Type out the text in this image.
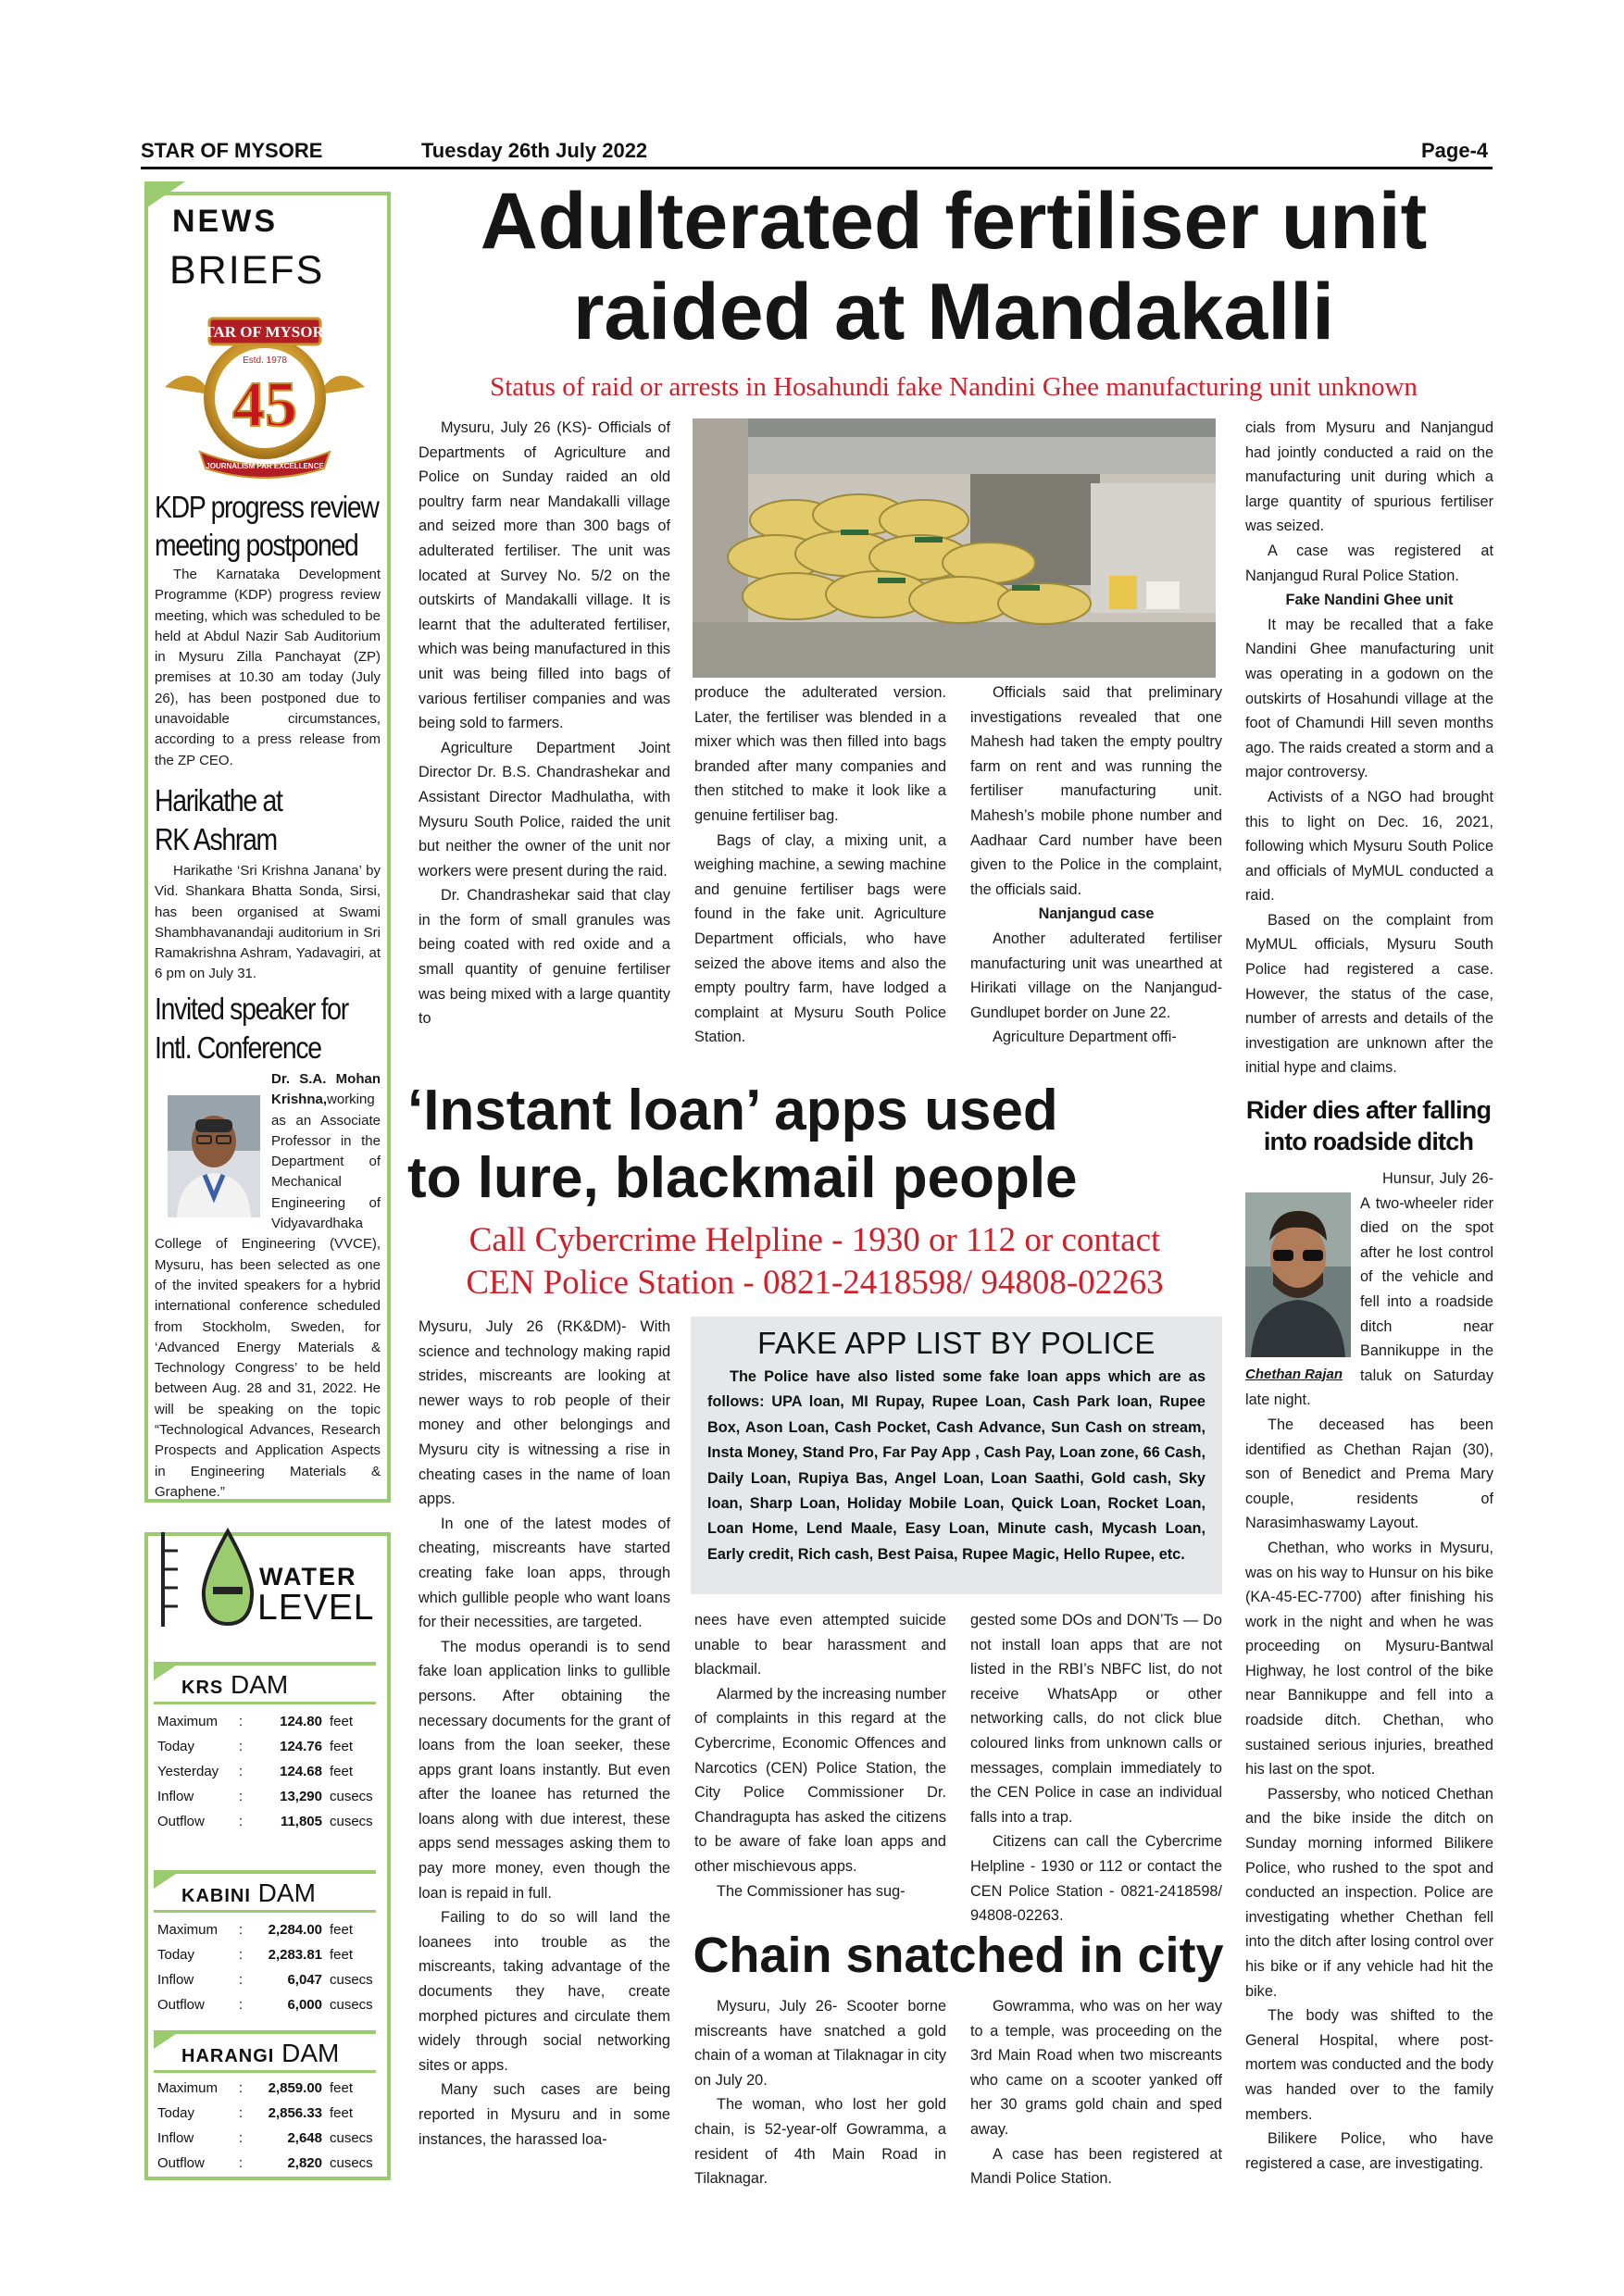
STAR OF MYSORE	Tuesday 26th July 2022	Page-4
NEWS
BRIEFS
STAR OF MYSORE
Estd. 1978
45
JOURNALISM PAR EXCELLENCE
KDP progress review
meeting postponed
The Karnataka Development Programme (KDP) progress review meeting, which was scheduled to be held at Abdul Nazir Sab Auditorium in Mysuru Zilla Panchayat (ZP) premises at 10.30 am today (July 26), has been postponed due to unavoidable circumstances, according to a press release from the ZP CEO.
Harikathe at
RK Ashram
Harikathe ‘Sri Krishna Janana’ by Vid. Shankara Bhatta Sonda, Sirsi, has been organised at Swami Shambhavanandaji auditorium in Sri Ramakrishna Ashram, Yadavagiri, at 6 pm on July 31.
Invited speaker for
Intl. Conference
Dr. S.A. Mohan Krishna,working as an Associate Professor in the Department of Mechanical Engineering of Vidyavardhaka College of Engineering (VVCE), Mysuru, has been selected as one of the invited speakers for a hybrid international conference scheduled from Stockholm, Sweden, for ‘Advanced Energy Materials & Technology Congress’ to be held between Aug. 28 and 31, 2022. He will be speaking on the topic “Technological Advances, Research Prospects and Application Aspects in Engineering Materials & Graphene.”
WATER
LEVEL
KRS DAM
Maximum	:	124.80	feet
Today	:	124.76	feet
Yesterday	:	124.68	feet
Inflow	:	13,290	cusecs
Outflow	:	11,805	cusecs
KABINI DAM
Maximum	:	2,284.00	feet
Today	:	2,283.81	feet
Inflow	:	6,047	cusecs
Outflow	:	6,000	cusecs
HARANGI DAM
Maximum	:	2,859.00	feet
Today	:	2,856.33	feet
Inflow	:	2,648	cusecs
Outflow	:	2,820	cusecs
Adulterated fertiliser unit
raided at Mandakalli
Status of raid or arrests in Hosahundi fake Nandini Ghee manufacturing unit unknown

Mysuru, July 26 (KS)- Officials of Departments of Agriculture and Police on Sunday raided an old poultry farm near Mandakalli village and seized more than 300 bags of adulterated fertiliser. The unit was located at Survey No. 5/2 on the outskirts of Mandakalli village. It is learnt that the adulterated fertiliser, which was being manufactured in this unit was being filled into bags of various fertiliser companies and was being sold to farmers.

Agriculture Department Joint Director Dr. B.S. Chandrashekar and Assistant Director Madhulatha, with Mysuru South Police, raided the unit but neither the owner of the unit nor workers were present during the raid.

Dr. Chandrashekar said that clay in the form of small granules was being coated with red oxide and a small quantity of genuine fertiliser was being mixed with a large quantity to

produce the adulterated version. Later, the fertiliser was blended in a mixer which was then filled into bags branded after many companies and then stitched to make it look like a genuine fertiliser bag.

Bags of clay, a mixing unit, a weighing machine, a sewing machine and genuine fertiliser bags were found in the fake unit. Agriculture Department officials, who have seized the above items and also the empty poultry farm, have lodged a complaint at Mysuru South Police Station.

Officials said that preliminary investigations revealed that one Mahesh had taken the empty poultry farm on rent and was running the fertiliser manufacturing unit. Mahesh’s mobile phone number and Aadhaar Card number have been given to the Police in the complaint, the officials said.

Nanjangud case

Another adulterated fertiliser manufacturing unit was unearthed at Hirikati village on the Nanjangud-Gundlupet border on June 22.

Agriculture Department offi-

cials from Mysuru and Nanjangud had jointly conducted a raid on the manufacturing unit during which a large quantity of spurious fertiliser was seized.

A case was registered at Nanjangud Rural Police Station.

Fake Nandini Ghee unit

It may be recalled that a fake Nandini Ghee manufacturing unit was operating in a godown on the outskirts of Hosahundi village at the foot of Chamundi Hill seven months ago. The raids created a storm and a major controversy.

Activists of a NGO had brought this to light on Dec. 16, 2021, following which Mysuru South Police and officials of MyMUL conducted a raid.

Based on the complaint from MyMUL officials, Mysuru South Police had registered a case. However, the status of the case, number of arrests and details of the investigation are unknown after the initial hype and claims.

‘Instant loan’ apps used
to lure, blackmail people
Call Cybercrime Helpline - 1930 or 112 or contact
CEN Police Station - 0821-2418598/ 94808-02263

Mysuru, July 26 (RK&DM)- With science and technology making rapid strides, miscreants are looking at newer ways to rob people of their money and other belongings and Mysuru city is witnessing a rise in cheating cases in the name of loan apps.

In one of the latest modes of cheating, miscreants have started creating fake loan apps, through which gullible people who want loans for their necessities, are targeted.

The modus operandi is to send fake loan application links to gullible persons. After obtaining the necessary documents for the grant of loans from the loan seeker, these apps grant loans instantly. But even after the loanee has returned the loans along with due interest, these apps send messages asking them to pay more money, even though the loan is repaid in full.

Failing to do so will land the loanees into trouble as the miscreants, taking advantage of the documents they have, create morphed pictures and circulate them widely through social networking sites or apps.

Many such cases are being reported in Mysuru and in some instances, the harassed loa-

FAKE APP LIST BY POLICE
The Police have also listed some fake loan apps which are as follows: UPA loan, MI Rupay, Rupee Loan, Cash Park loan, Rupee Box, Ason Loan, Cash Pocket, Cash Advance, Sun Cash on stream, Insta Money, Stand Pro, Far Pay App , Cash Pay, Loan zone, 66 Cash, Daily Loan, Rupiya Bas, Angel Loan, Loan Saathi, Gold cash, Sky loan, Sharp Loan, Holiday Mobile Loan, Quick Loan, Rocket Loan, Loan Home, Lend Maale, Easy Loan, Minute cash, Mycash Loan, Early credit, Rich cash, Best Paisa, Rupee Magic, Hello Rupee, etc.

nees have even attempted suicide unable to bear harassment and blackmail.

Alarmed by the increasing number of complaints in this regard at the Cybercrime, Economic Offences and Narcotics (CEN) Police Station, the City Police Commissioner Dr. Chandragupta has asked the citizens to be aware of fake loan apps and other mischievous apps.

The Commissioner has sug-

gested some DOs and DON’Ts — Do not install loan apps that are not listed in the RBI’s NBFC list, do not receive WhatsApp or other networking calls, do not click blue coloured links from unknown calls or messages, complain immediately to the CEN Police in case an individual falls into a trap.

Citizens can call the Cybercrime Helpline - 1930 or 112 or contact the CEN Police Station - 0821-2418598/ 94808-02263.

Chain snatched in city

Mysuru, July 26- Scooter borne miscreants have snatched a gold chain of a woman at Tilaknagar in city on July 20.

The woman, who lost her gold chain, is 52-year-olf Gowramma, a resident of 4th Main Road in Tilaknagar.

Gowramma, who was on her way to a temple, was proceeding on the 3rd Main Road when two miscreants who came on a scooter yanked off her 30 grams gold chain and sped away.

A case has been registered at Mandi Police Station.

Rider dies after falling
into roadside ditch
Chethan Rajan

Hunsur, July 26- A two-wheeler rider died on the spot after he lost control of the vehicle and fell into a roadside ditch near Bannikuppe in the taluk on Saturday late night.

The deceased has been identified as Chethan Rajan (30), son of Benedict and Prema Mary couple, residents of Narasimhaswamy Layout.

Chethan, who works in Mysuru, was on his way to Hunsur on his bike (KA-45-EC-7700) after finishing his work in the night and when he was proceeding on Mysuru-Bantwal Highway, he lost control of the bike near Bannikuppe and fell into a roadside ditch. Chethan, who sustained serious injuries, breathed his last on the spot.

Passersby, who noticed Chethan and the bike inside the ditch on Sunday morning informed Bilikere Police, who rushed to the spot and conducted an inspection. Police are investigating whether Chethan fell into the ditch after losing control over his bike or if any vehicle had hit the bike.

The body was shifted to the General Hospital, where post-mortem was conducted and the body was handed over to the family members.

Bilikere Police, who have registered a case, are investigating.
